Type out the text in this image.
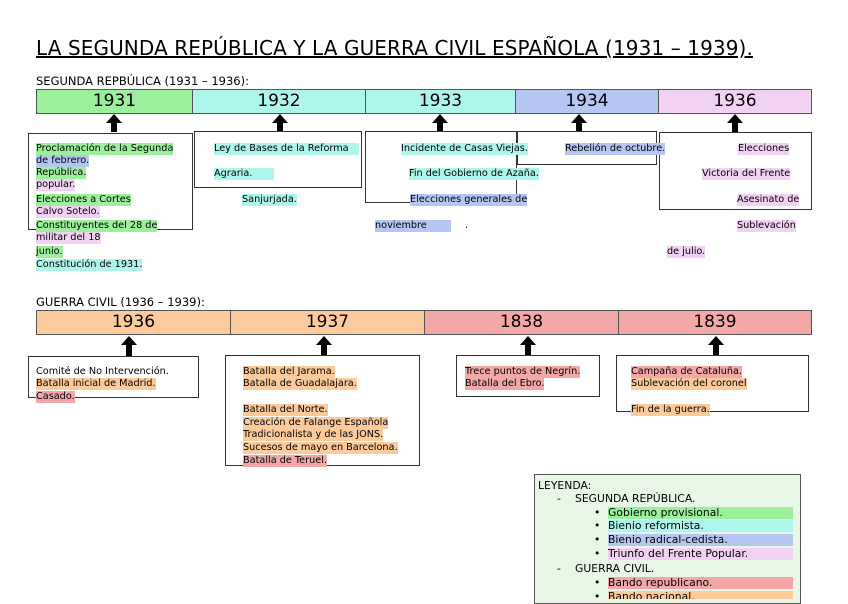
LA SEGUNDA REPÚBLICA Y LA GUERRA CIVIL ESPAÑOLA (1931 – 1939).
SEGUNDA REPBÚLICA (1931 – 1936):
1931	1932	1933	1934	1936
Proclamación de la Segunda
de febrero.
República.
popular.
Elecciones a Cortes
Calvo Sotelo.
Constituyentes del 28 de
militar del 18
junio.
Constitución de 1931.
Ley de Bases de la Reforma
Agraria.
Sanjurjada.
Incidente de Casas Viejas.
Fin del Gobierno de Azaña.
Elecciones generales de
noviembre	.
Rebelión de octubre.	Elecciones
Victoria del Frente
Asesinato de
Sublevación
de julio.
GUERRA CIVIL (1936 – 1939):
1936	1937	1838	1839
Comité de No Intervención.
Batalla inicial de Madrid.
Casado.
Batalla del Jarama.
Batalla de Guadalajara.
Batalla del Norte.
Creación de Falange Española
Tradicionalista y de las JONS.
Sucesos de mayo en Barcelona.
Batalla de Teruel.
Trece puntos de Negrín.
Batalla del Ebro.
Campaña de Cataluña.
Sublevación del coronel
Fin de la guerra.
LEYENDA:
- SEGUNDA REPÚBLICA.
• Gobierno provisional.
• Bienio reformista.
• Bienio radical-cedista.
• Triunfo del Frente Popular.
- GUERRA CIVIL.
• Bando republicano.
• Bando nacional.
